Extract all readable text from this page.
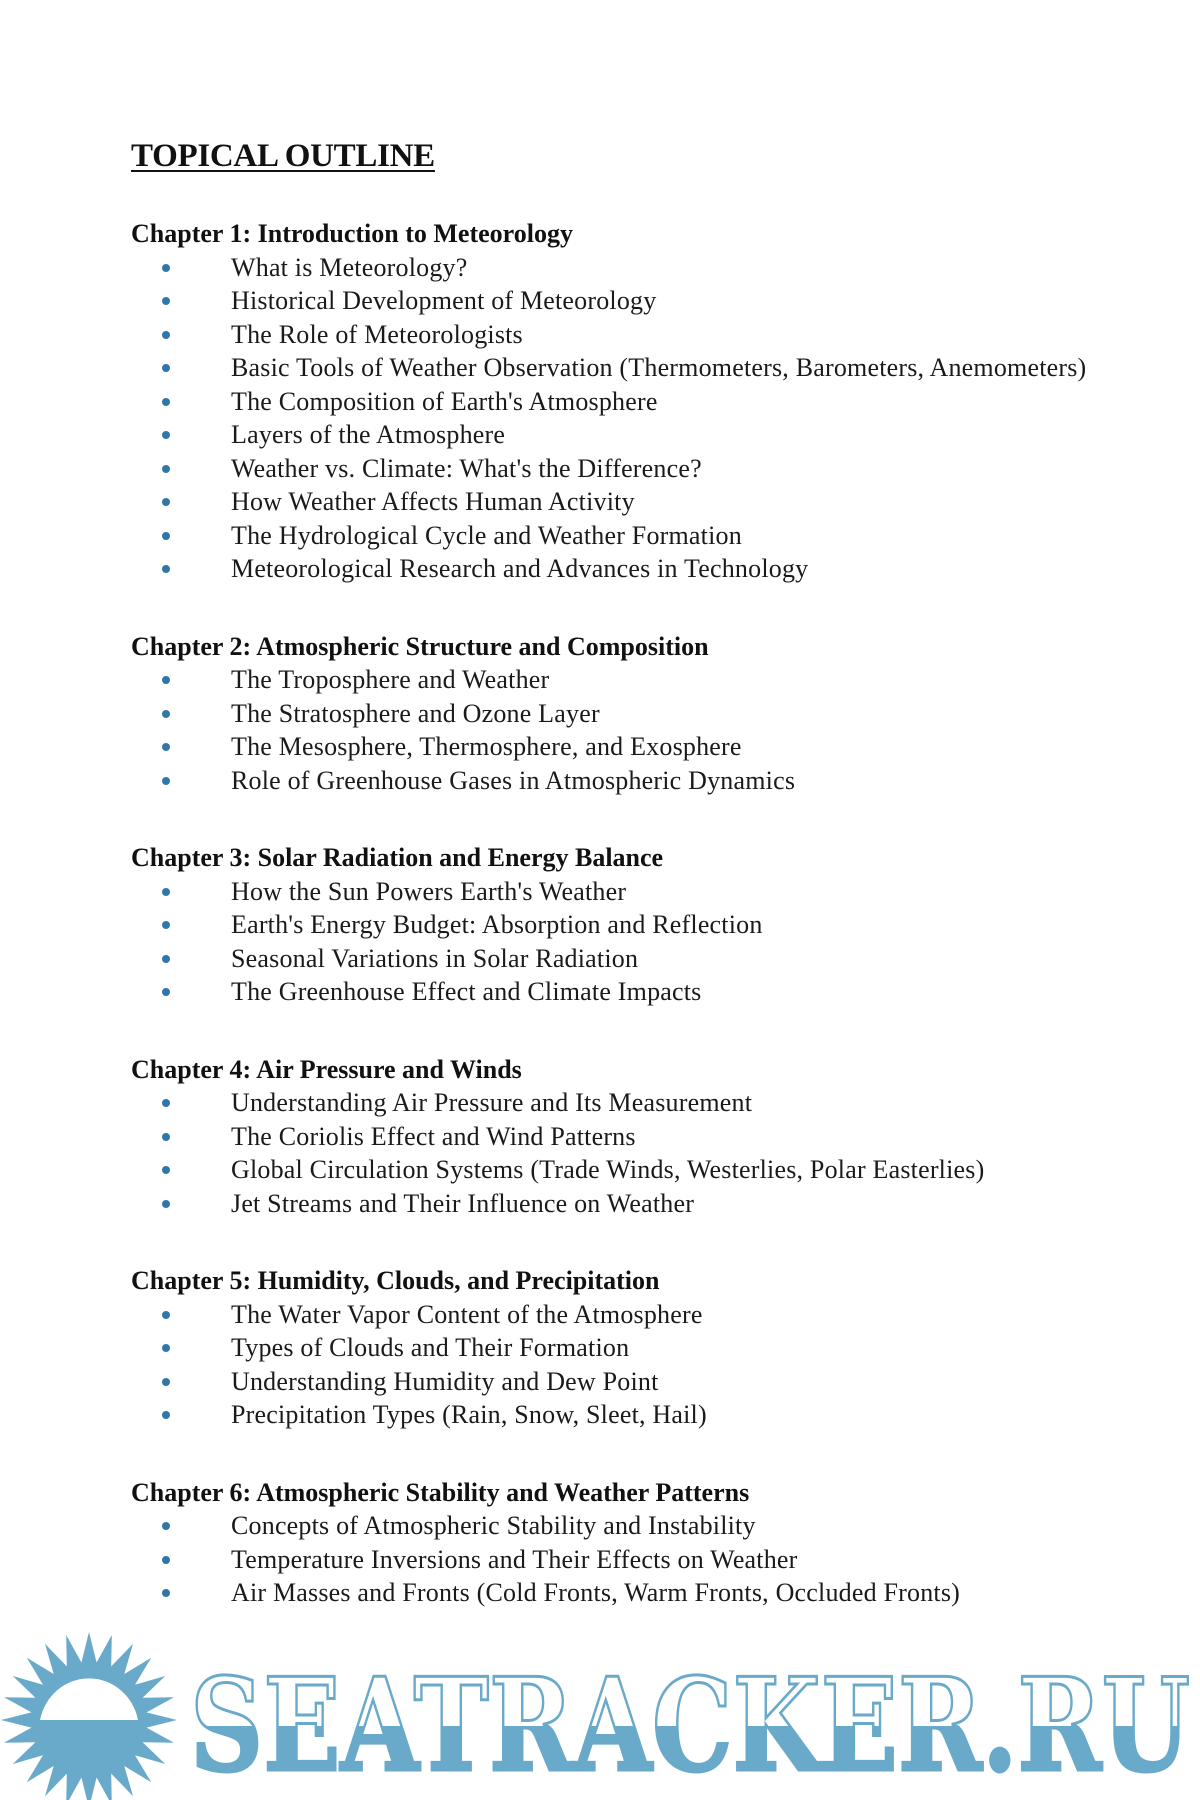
TOPICAL OUTLINE
Chapter 1: Introduction to Meteorology
What is Meteorology?
Historical Development of Meteorology
The Role of Meteorologists
Basic Tools of Weather Observation (Thermometers, Barometers, Anemometers)
The Composition of Earth's Atmosphere
Layers of the Atmosphere
Weather vs. Climate: What's the Difference?
How Weather Affects Human Activity
The Hydrological Cycle and Weather Formation
Meteorological Research and Advances in Technology
Chapter 2: Atmospheric Structure and Composition
The Troposphere and Weather
The Stratosphere and Ozone Layer
The Mesosphere, Thermosphere, and Exosphere
Role of Greenhouse Gases in Atmospheric Dynamics
Chapter 3: Solar Radiation and Energy Balance
How the Sun Powers Earth's Weather
Earth's Energy Budget: Absorption and Reflection
Seasonal Variations in Solar Radiation
The Greenhouse Effect and Climate Impacts
Chapter 4: Air Pressure and Winds
Understanding Air Pressure and Its Measurement
The Coriolis Effect and Wind Patterns
Global Circulation Systems (Trade Winds, Westerlies, Polar Easterlies)
Jet Streams and Their Influence on Weather
Chapter 5: Humidity, Clouds, and Precipitation
The Water Vapor Content of the Atmosphere
Types of Clouds and Their Formation
Understanding Humidity and Dew Point
Precipitation Types (Rain, Snow, Sleet, Hail)
Chapter 6: Atmospheric Stability and Weather Patterns
Concepts of Atmospheric Stability and Instability
Temperature Inversions and Their Effects on Weather
Air Masses and Fronts (Cold Fronts, Warm Fronts, Occluded Fronts)
SEATRACKER.RU
